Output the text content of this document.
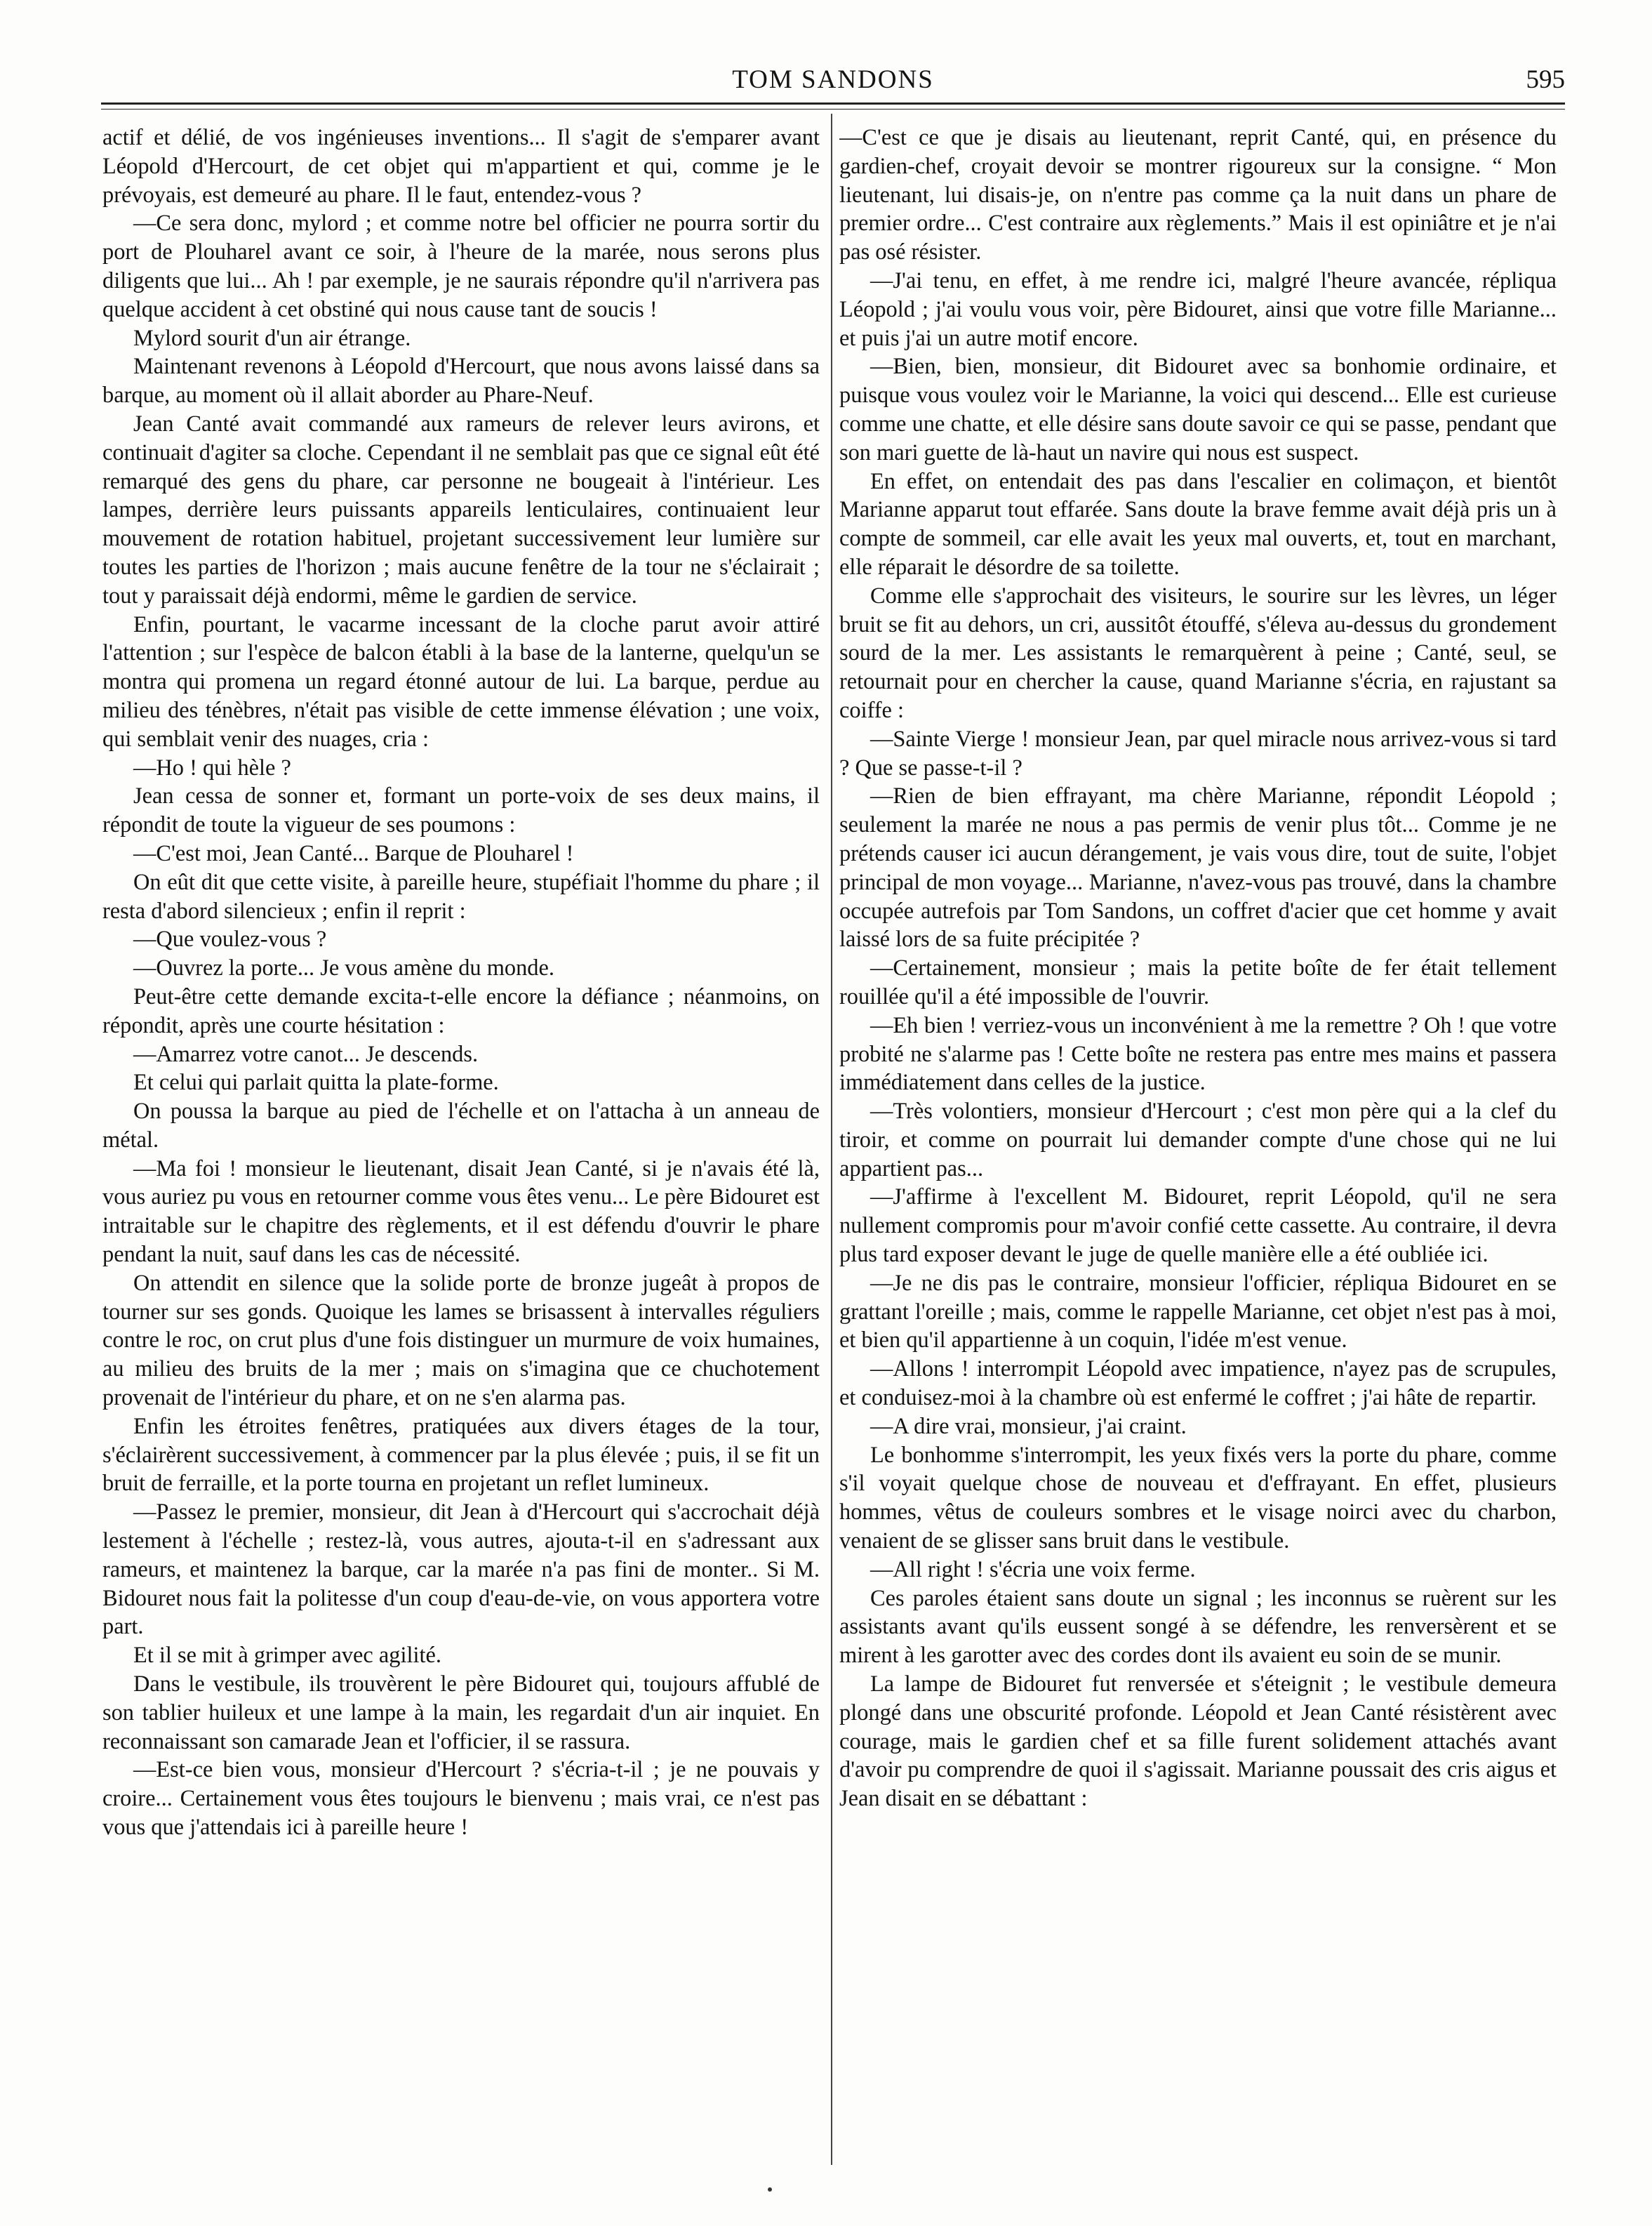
TOM SANDONS	595

actif et délié, de vos ingénieuses inventions... Il s'agit de s'emparer avant Léopold d'Hercourt, de cet objet qui m'appartient et qui, comme je le prévoyais, est demeuré au phare. Il le faut, entendez-vous ?

—Ce sera donc, mylord ; et comme notre bel officier ne pourra sortir du port de Plouharel avant ce soir, à l'heure de la marée, nous serons plus diligents que lui... Ah ! par exemple, je ne saurais répondre qu'il n'arrivera pas quelque accident à cet obstiné qui nous cause tant de soucis !

Mylord sourit d'un air étrange.

Maintenant revenons à Léopold d'Hercourt, que nous avons laissé dans sa barque, au moment où il allait aborder au Phare-Neuf.

Jean Canté avait commandé aux rameurs de relever leurs avirons, et continuait d'agiter sa cloche. Cependant il ne semblait pas que ce signal eût été remarqué des gens du phare, car personne ne bougeait à l'intérieur. Les lampes, derrière leurs puissants appareils lenticulaires, continuaient leur mouvement de rotation habituel, projetant successivement leur lumière sur toutes les parties de l'horizon ; mais aucune fenêtre de la tour ne s'éclairait ; tout y paraissait déjà endormi, même le gardien de service.

Enfin, pourtant, le vacarme incessant de la cloche parut avoir attiré l'attention ; sur l'espèce de balcon établi à la base de la lanterne, quelqu'un se montra qui promena un regard étonné autour de lui. La barque, perdue au milieu des ténèbres, n'était pas visible de cette immense élévation ; une voix, qui semblait venir des nuages, cria :

—Ho ! qui hèle ?

Jean cessa de sonner et, formant un porte-voix de ses deux mains, il répondit de toute la vigueur de ses poumons :

—C'est moi, Jean Canté... Barque de Plouharel !

On eût dit que cette visite, à pareille heure, stupéfiait l'homme du phare ; il resta d'abord silencieux ; enfin il reprit :

—Que voulez-vous ?

—Ouvrez la porte... Je vous amène du monde.

Peut-être cette demande excita-t-elle encore la défiance ; néanmoins, on répondit, après une courte hésitation :

—Amarrez votre canot... Je descends.

Et celui qui parlait quitta la plate-forme.

On poussa la barque au pied de l'échelle et on l'attacha à un anneau de métal.

—Ma foi ! monsieur le lieutenant, disait Jean Canté, si je n'avais été là, vous auriez pu vous en retourner comme vous êtes venu... Le père Bidouret est intraitable sur le chapitre des règlements, et il est défendu d'ouvrir le phare pendant la nuit, sauf dans les cas de nécessité.

On attendit en silence que la solide porte de bronze jugeât à propos de tourner sur ses gonds. Quoique les lames se brisassent à intervalles réguliers contre le roc, on crut plus d'une fois distinguer un murmure de voix humaines, au milieu des bruits de la mer ; mais on s'imagina que ce chuchotement provenait de l'intérieur du phare, et on ne s'en alarma pas.

Enfin les étroites fenêtres, pratiquées aux divers étages de la tour, s'éclairèrent successivement, à commencer par la plus élevée ; puis, il se fit un bruit de ferraille, et la porte tourna en projetant un reflet lumineux.

—Passez le premier, monsieur, dit Jean à d'Hercourt qui s'accrochait déjà lestement à l'échelle ; restez-là, vous autres, ajouta-t-il en s'adressant aux rameurs, et maintenez la barque, car la marée n'a pas fini de monter.. Si M. Bidouret nous fait la politesse d'un coup d'eau-de-vie, on vous apportera votre part.

Et il se mit à grimper avec agilité.

Dans le vestibule, ils trouvèrent le père Bidouret qui, toujours affublé de son tablier huileux et une lampe à la main, les regardait d'un air inquiet. En reconnaissant son camarade Jean et l'officier, il se rassura.

—Est-ce bien vous, monsieur d'Hercourt ? s'écria-t-il ; je ne pouvais y croire... Certainement vous êtes toujours le bienvenu ; mais vrai, ce n'est pas vous que j'attendais ici à pareille heure !

—C'est ce que je disais au lieutenant, reprit Canté, qui, en présence du gardien-chef, croyait devoir se montrer rigoureux sur la consigne. “ Mon lieutenant, lui disais-je, on n'entre pas comme ça la nuit dans un phare de premier ordre... C'est contraire aux règlements.” Mais il est opiniâtre et je n'ai pas osé résister.

—J'ai tenu, en effet, à me rendre ici, malgré l'heure avancée, répliqua Léopold ; j'ai voulu vous voir, père Bidouret, ainsi que votre fille Marianne... et puis j'ai un autre motif encore.

—Bien, bien, monsieur, dit Bidouret avec sa bonhomie ordinaire, et puisque vous voulez voir le Marianne, la voici qui descend... Elle est curieuse comme une chatte, et elle désire sans doute savoir ce qui se passe, pendant que son mari guette de là-haut un navire qui nous est suspect.

En effet, on entendait des pas dans l'escalier en colimaçon, et bientôt Marianne apparut tout effarée. Sans doute la brave femme avait déjà pris un à compte de sommeil, car elle avait les yeux mal ouverts, et, tout en marchant, elle réparait le désordre de sa toilette.

Comme elle s'approchait des visiteurs, le sourire sur les lèvres, un léger bruit se fit au dehors, un cri, aussitôt étouffé, s'éleva au-dessus du grondement sourd de la mer. Les assistants le remarquèrent à peine ; Canté, seul, se retournait pour en chercher la cause, quand Marianne s'écria, en rajustant sa coiffe :

—Sainte Vierge ! monsieur Jean, par quel miracle nous arrivez-vous si tard ? Que se passe-t-il ?

—Rien de bien effrayant, ma chère Marianne, répondit Léopold ; seulement la marée ne nous a pas permis de venir plus tôt... Comme je ne prétends causer ici aucun dérangement, je vais vous dire, tout de suite, l'objet principal de mon voyage... Marianne, n'avez-vous pas trouvé, dans la chambre occupée autrefois par Tom Sandons, un coffret d'acier que cet homme y avait laissé lors de sa fuite précipitée ?

—Certainement, monsieur ; mais la petite boîte de fer était tellement rouillée qu'il a été impossible de l'ouvrir.

—Eh bien ! verriez-vous un inconvénient à me la remettre ? Oh ! que votre probité ne s'alarme pas ! Cette boîte ne restera pas entre mes mains et passera immédiatement dans celles de la justice.

—Très volontiers, monsieur d'Hercourt ; c'est mon père qui a la clef du tiroir, et comme on pourrait lui demander compte d'une chose qui ne lui appartient pas...

—J'affirme à l'excellent M. Bidouret, reprit Léopold, qu'il ne sera nullement compromis pour m'avoir confié cette cassette. Au contraire, il devra plus tard exposer devant le juge de quelle manière elle a été oubliée ici.

—Je ne dis pas le contraire, monsieur l'officier, répliqua Bidouret en se grattant l'oreille ; mais, comme le rappelle Marianne, cet objet n'est pas à moi, et bien qu'il appartienne à un coquin, l'idée m'est venue.

—Allons ! interrompit Léopold avec impatience, n'ayez pas de scrupules, et conduisez-moi à la chambre où est enfermé le coffret ; j'ai hâte de repartir.

—A dire vrai, monsieur, j'ai craint.

Le bonhomme s'interrompit, les yeux fixés vers la porte du phare, comme s'il voyait quelque chose de nouveau et d'effrayant. En effet, plusieurs hommes, vêtus de couleurs sombres et le visage noirci avec du charbon, venaient de se glisser sans bruit dans le vestibule.

—All right ! s'écria une voix ferme.

Ces paroles étaient sans doute un signal ; les inconnus se ruèrent sur les assistants avant qu'ils eussent songé à se défendre, les renversèrent et se mirent à les garotter avec des cordes dont ils avaient eu soin de se munir.

La lampe de Bidouret fut renversée et s'éteignit ; le vestibule demeura plongé dans une obscurité profonde. Léopold et Jean Canté résistèrent avec courage, mais le gardien chef et sa fille furent solidement attachés avant d'avoir pu comprendre de quoi il s'agissait. Marianne poussait des cris aigus et Jean disait en se débattant :
